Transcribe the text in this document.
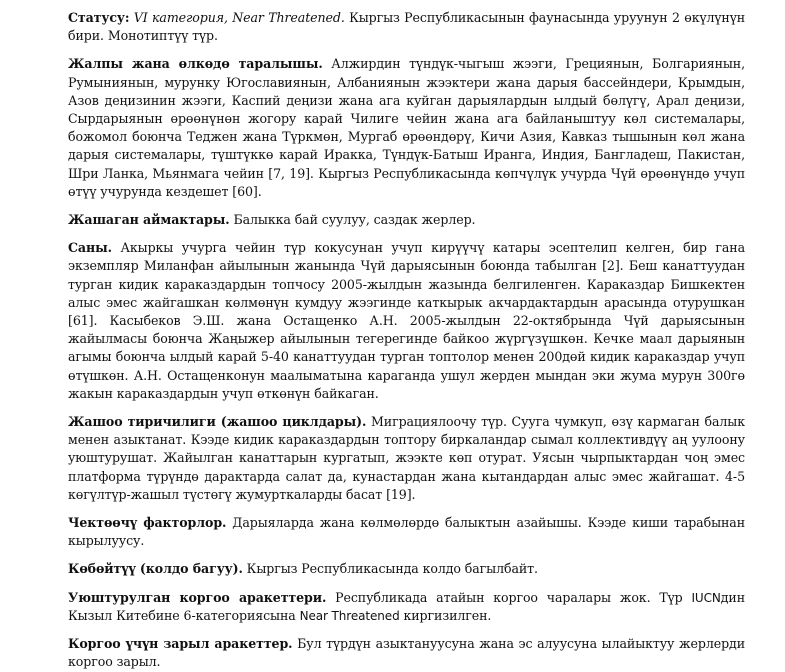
Статусу: VI категория, Near Threatened. Кыргыз Республикасынын фаунасында уруунун 2 өкүлүнүн бири. Монотиптүү түр.

Жалпы жана өлкөдө таралышы. Алжирдин түндүк-чыгыш жээги, Грециянын, Болгариянын, Румыниянын, мурунку Югославиянын, Албаниянын жээктери жана дарыя бассейндери, Крымдын, Азов деңизинин жээги, Каспий деңизи жана ага куйган дарыялардын ылдый бөлүгү, Арал деңизи, Сырдарыянын өрөөнүнөн жогору карай Чилиге чейин жана ага байланыштуу көл системалары, божомол боюнча Теджен жана Түркмөн, Мургаб өрөөндөрү, Кичи Азия, Кавказ тышынын көл жана дарыя системалары, түштүккө карай Иракка, Түндүк-Батыш Иранга, Индия, Бангладеш, Пакистан, Шри Ланка, Мьянмага чейин [7, 19]. Кыргыз Республикасында көпчүлүк учурда Чүй өрөөнүндө учуп өтүү учурунда кездешет [60].

Жашаган аймактары. Балыкка бай суулуу, саздак жерлер.

Саны. Акыркы учурга чейин түр кокусунан учуп кирүүчү катары эсептелип келген, бир гана экземпляр Миланфан айылынын жанында Чүй дарыясынын боюнда табылган [2]. Беш канаттуудан турган кидик караказдардын топчосу 2005-жылдын жазында белгиленген. Караказдар Бишкектен алыс эмес жайгашкан көлмөнүн кумдуу жээгинде каткырык акчардактардын арасында отурушкан [61]. Касыбеков Э.Ш. жана Остащенко А.Н. 2005-жылдын 22-октябрында Чүй дарыясынын жайылмасы боюнча Жаңыжер айылынын тегерегинде байкоо жүргүзүшкөн. Кечке маал дарыянын агымы боюнча ылдый карай 5-40 канаттуудан турган топтолор менен 200дөй кидик караказдар учуп өтүшкөн. А.Н. Остащенконун маалыматына караганда ушул жерден мындан эки жума мурун 300гө жакын караказдардын учуп өткөнүн байкаган.

Жашоо тиричилиги (жашоо циклдары). Миграциялоочу түр. Сууга чумкуп, өзү кармаган балык менен азыктанат. Кээде кидик караказдардын топтору биркаландар сымал коллективдүү аң уулоону уюштурушат. Жайылган канаттарын кургатып, жээкте көп отурат. Уясын чырпыктардан чоң эмес платформа түрүндө дарактарда салат да, кунастардан жана кытандардан алыс эмес жайгашат. 4-5 көгүлтүр-жашыл түстөгү жумурткаларды басат [19].

Чектөөчү факторлор. Дарыяларда жана көлмөлөрдө балыктын азайышы. Кээде киши тарабынан кырылуусу.

Көбөйтүү (колдо багуу). Кыргыз Республикасында колдо багылбайт.

Уюштурулган коргоо аракеттери. Республикада атайын коргоо чаралары жок. Түр IUCNдин Кызыл Китебине 6-категориясына Near Threatened киргизилген.

Коргоо үчүн зарыл аракеттер. Бул түрдүн азыктануусуна жана эс алуусуна ылайыктуу жерлерди коргоо зарыл.
